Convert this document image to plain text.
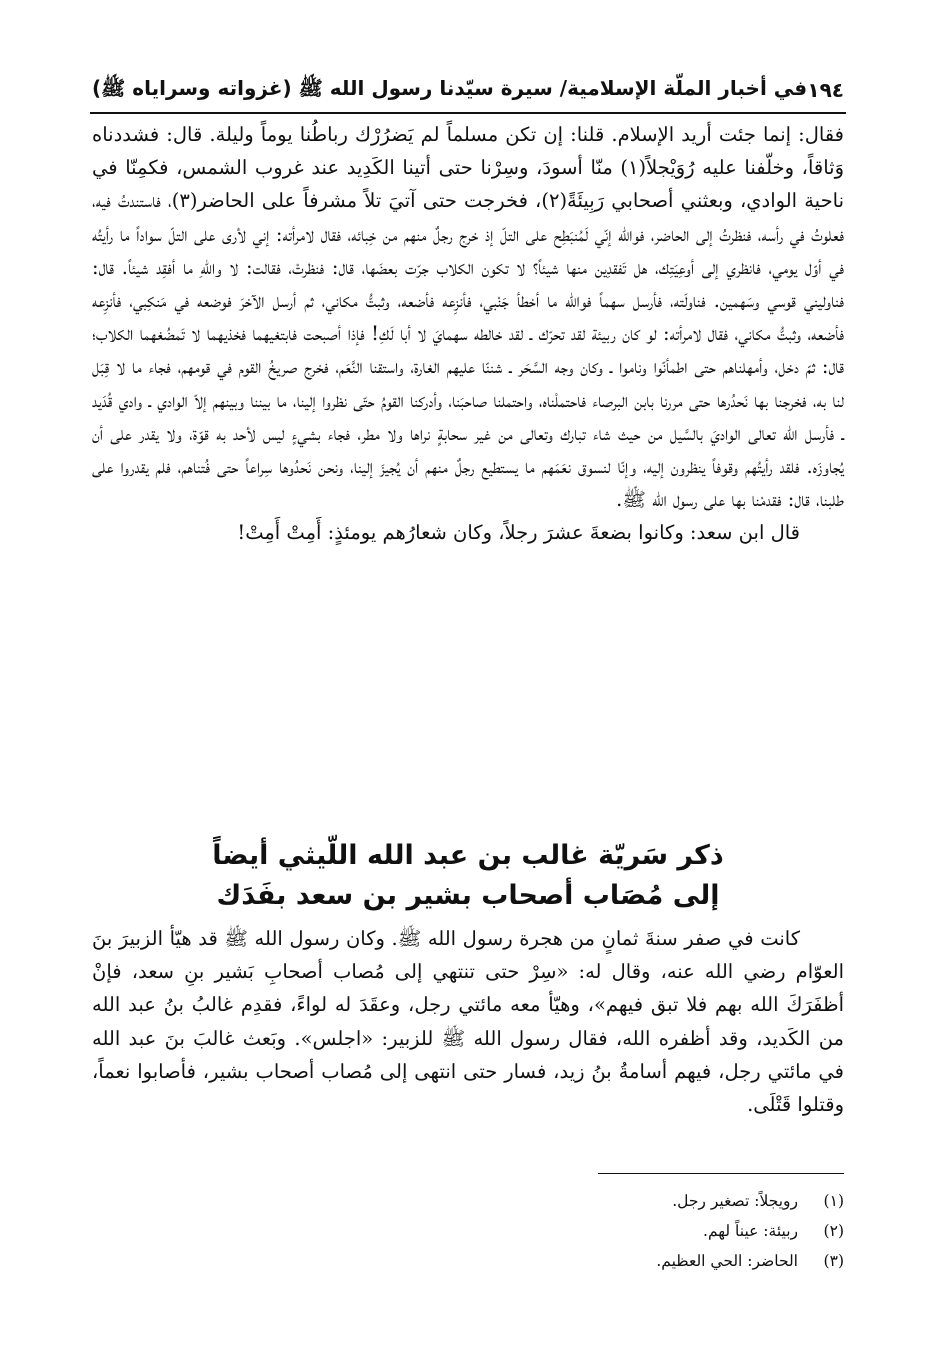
١٩٤
في أخبار الملّة الإسلامية/ سيرة سيّدنا رسول الله ﷺ (غزواته وسراياه ﷺ)

فقال: إنما جئت أريد الإسلام. قلنا: إن تكن مسلماً لم يَضرُرْك رباطُنا يوماً وليلة. قال: فشددناه وَثاقاً، وخلّفنا عليه رُوَيْجلاً(١) منّا أسودَ، وسِرْنا حتى أتينا الكَدِيد عند غروب الشمس، فكمِنّا في ناحية الوادي، وبعثني أصحابي رَبِيئَةً(٢)، فخرجت حتى آتيَ تلاً مشرفاً على الحاضر(٣)، فاستندتُ فيه، فعلوتُ في رأسه، فنظرتُ إلى الحاضر، فوالله إنّي لَمُنبَطِح على التلّ إذ خرج رجلٌ منهم من خِبائه، فقال لامرأته: إني لأرى على التلّ سواداً ما رأيتُه في أوّل يومي، فانظري إلى أوعِيَتِك، هل تَفقدِين منها شيئاً؟ لا تكون الكلاب جرّت بعضَها، قال: فنظرتْ، فقالت: لا واللّهِ ما أفقِد شيئاً. قال: فناوليني قوسي وسَهمين. فناولَته، فأرسل سهماً فوالله ما أخطأ جَنْبي، فأنزِعه فأضعه، وثبتُّ مكاني، ثم أرسل الآخرَ فوضعه في مَنكِبي، فأنزِعه فأضعه، وثبتُّ مكاني، فقال لامرأته: لو كان ربيئة لقد تحرّك ـ لقد خالطه سهمايَ لا أبا لَكِ! فإذا أصبحت فابتغيهما فخذيهما لا تَمضُغهما الكلاب؛ قال: ثمّ دخل، وأمهلناهم حتى اطمأنّوا وناموا ـ وكان وجه السَّحَر ـ شننّا عليهم الغارة، واستقنا النَّعَم، فخرج صريخُ القوم في قومهم، فجاء ما لا قِبَل لنا به، فخرجنا بها نَحدُرها حتى مررنا بابن البرصاء فاحتملْناه، واحتملنا صاحبَنا، وأدركنا القومُ حتّى نظروا إلينا، ما بيننا وبينهم إلاّ الوادي ـ وادي قُدَيد ـ فأرسل الله تعالى الواديَ بالسَّيل من حيث شاء تبارك وتعالى من غير سحابةٍ نراها ولا مطر، فجاء بشيءٍ ليس لأحد به قوّة، ولا يقدر على أن يُجاوزَه. فلقد رأيتُهم وقوفاً ينظرون إليه، وإنّا لنسوق نعَمَهم ما يستطيع رجلٌ منهم أن يُجيزَ إلينا، ونحن نَحدُوها سِراعاً حتى فُتناهم، فلم يقدروا على طلبنا، قال: فقدمْنا بها على رسول الله ﷺ.

قال ابن سعد: وكانوا بضعةَ عشرَ رجلاً، وكان شعارُهم يومئذٍ: أَمِتْ أَمِتْ!

ذكر سَريّة غالب بن عبد الله اللّيثي أيضاً
إلى مُصَاب أصحاب بشير بن سعد بفَدَك

كانت في صفر سنةَ ثمانٍ من هجرة رسول الله ﷺ. وكان رسول الله ﷺ قد هيّأ الزبيرَ بنَ العوّام رضي الله عنه، وقال له: «سِرْ حتى تنتهي إلى مُصاب أصحابِ بَشير بنِ سعد، فإنْ أظفَرَكَ الله بهم فلا تبق فيهم»، وهيّأ معه مائتي رجل، وعقَدَ له لواءً، فقدِم غالبُ بنُ عبد الله من الكَديد، وقد أظفره الله، فقال رسول الله ﷺ للزبير: «اجلس». وبَعث غالبَ بنَ عبد الله في مائتي رجل، فيهم أسامةُ بنُ زيد، فسار حتى انتهى إلى مُصاب أصحاب بشير، فأصابوا نعماً، وقتلوا قَتْلَى.

(١)
رويجلاً: تصغير رجل.
(٢)
ربيئة: عيناً لهم.
(٣)
الحاضر: الحي العظيم.
